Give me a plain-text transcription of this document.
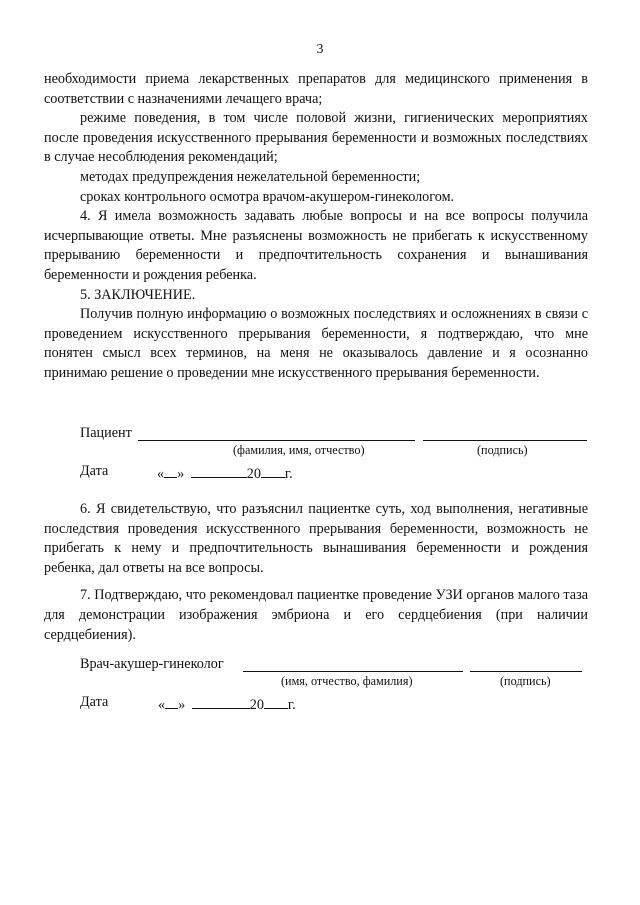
3

необходимости приема лекарственных препаратов для медицинского применения в соответствии с назначениями лечащего врача;

режиме поведения, в том числе половой жизни, гигиенических мероприятиях после проведения искусственного прерывания беременности и возможных последствиях в случае несоблюдения рекомендаций;

методах предупреждения нежелательной беременности;

сроках контрольного осмотра врачом-акушером-гинекологом.

4. Я имела возможность задавать любые вопросы и на все вопросы получила исчерпывающие ответы. Мне разъяснены возможность не прибегать к искусственному прерыванию беременности и предпочтительность сохранения и вынашивания беременности и рождения ребенка.

5. ЗАКЛЮЧЕНИЕ.

Получив полную информацию о возможных последствиях и осложнениях в связи с проведением искусственного прерывания беременности, я подтверждаю, что мне понятен смысл всех терминов, на меня не оказывалось давление и я осознанно принимаю решение о проведении мне искусственного прерывания беременности.

Пациент
(фамилия, имя, отчество)	(подпись)
Дата	« »	20 г.

6. Я свидетельствую, что разъяснил пациентке суть, ход выполнения, негативные последствия проведения искусственного прерывания беременности, возможность не прибегать к нему и предпочтительность вынашивания беременности и рождения ребенка, дал ответы на все вопросы.

7. Подтверждаю, что рекомендовал пациентке проведение УЗИ органов малого таза для демонстрации изображения эмбриона и его сердцебиения (при наличии сердцебиения).

Врач-акушер-гинеколог
(имя, отчество, фамилия)	(подпись)
Дата	« »	20 г.
